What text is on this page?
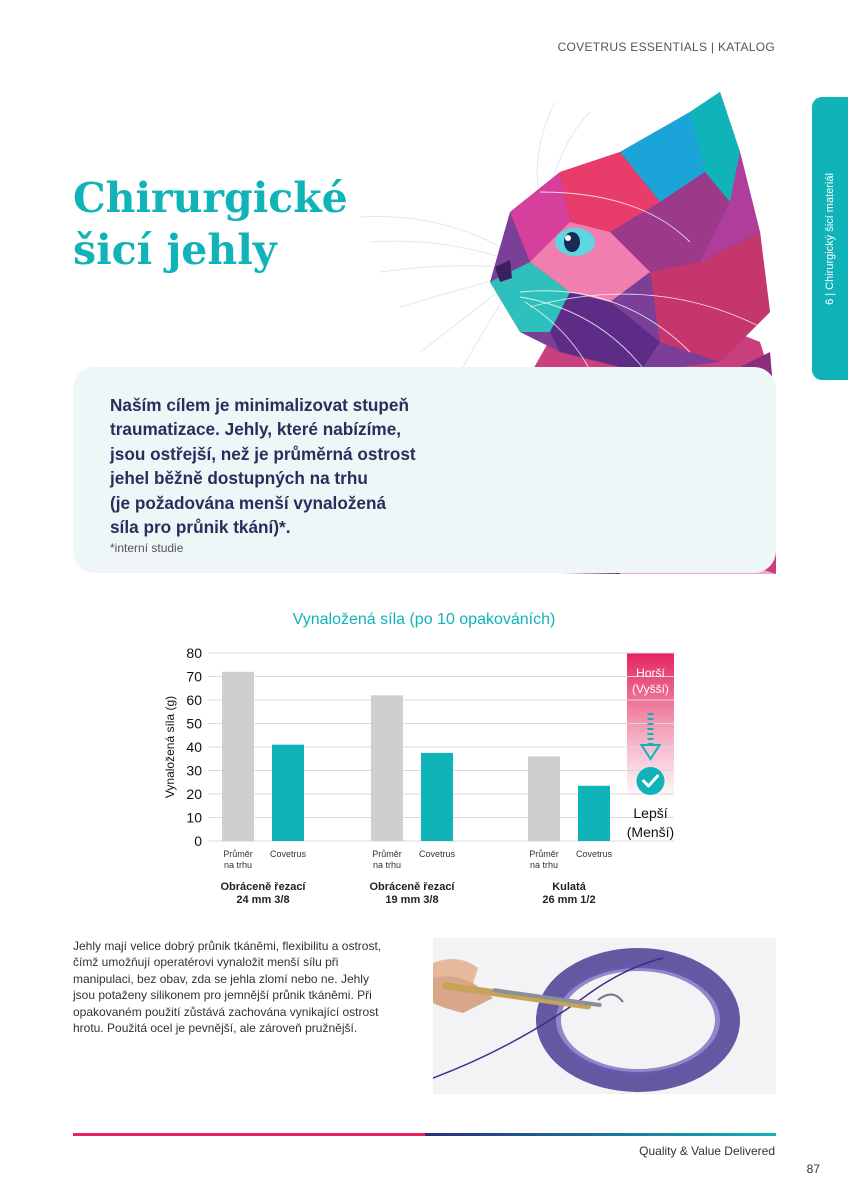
COVETRUS ESSENTIALS | KATALOG
6 | Chirurgický šicí materiál
Chirurgické
šicí jehly
Naším cílem je minimalizovat stupeň
traumatizace. Jehly, které nabízíme,
jsou ostřejší, než je průměrná ostrost
jehel běžně dostupných na trhu
(je požadována menší vynaložená
síla pro průnik tkání)*.
*interní studie
Vynaložená síla (po 10 opakováních)
0
10
20
30
40
50
60
70
80
Vynaložená síla (g)
Průměr
na trhu
Covetrus
Obráceně řezací
24 mm 3/8
Průměr
na trhu
Covetrus
Obráceně řezací
19 mm 3/8
Průměr
na trhu
Covetrus
Kulatá
26 mm 1/2
Horší
(Vyšší)
Lepší
(Menší)
Jehly mají velice dobrý průnik tkáněmi, flexibilitu a ostrost,
čímž umožňují operatérovi vynaložit menší sílu při
manipulaci, bez obav, zda se jehla zlomí nebo ne. Jehly
jsou potaženy silikonem pro jemnější průnik tkáněmi. Při
opakovaném použití zůstává zachována vynikající ostrost
hrotu. Použitá ocel je pevnější, ale zároveň pružnější.
Quality & Value Delivered
87
